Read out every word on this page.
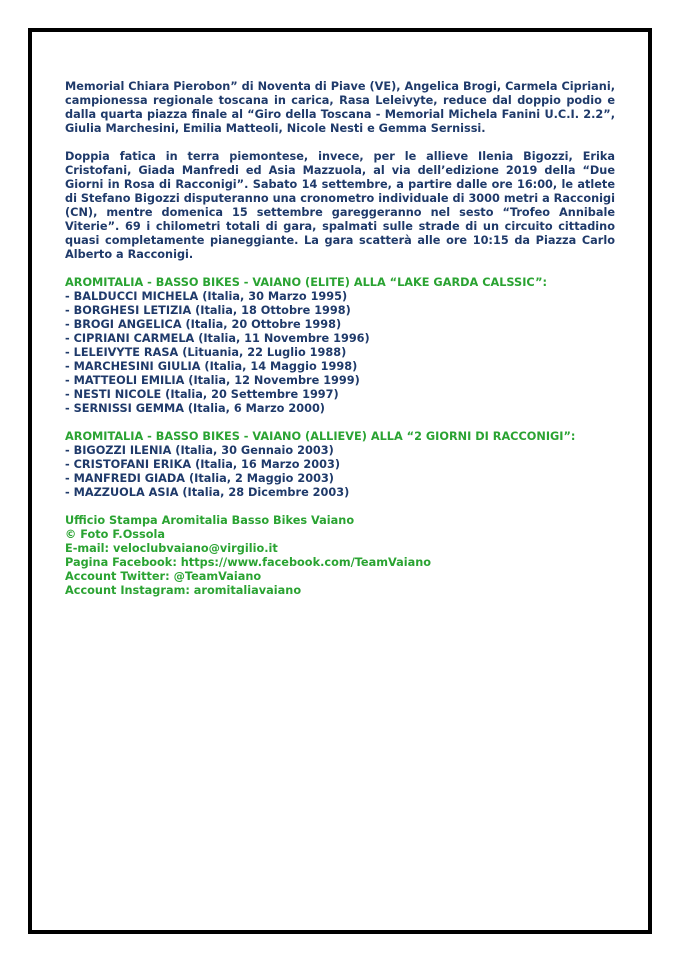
Memorial Chiara Pierobon” di Noventa di Piave (VE), Angelica Brogi, Carmela Cipriani, campionessa regionale toscana in carica, Rasa Leleivyte, reduce dal doppio podio e dalla quarta piazza finale al “Giro della Toscana - Memorial Michela Fanini U.C.I. 2.2”, Giulia Marchesini, Emilia Matteoli, Nicole Nesti e Gemma Sernissi.

Doppia fatica in terra piemontese, invece, per le allieve Ilenia Bigozzi, Erika Cristofani, Giada Manfredi ed Asia Mazzuola, al via dell’edizione 2019 della “Due Giorni in Rosa di Racconigi”. Sabato 14 settembre, a partire dalle ore 16:00, le atlete di Stefano Bigozzi disputeranno una cronometro individuale di 3000 metri a Racconigi (CN), mentre domenica 15 settembre gareggeranno nel sesto “Trofeo Annibale Viterie”. 69 i chilometri totali di gara, spalmati sulle strade di un circuito cittadino quasi completamente pianeggiante. La gara scatterà alle ore 10:15 da Piazza Carlo Alberto a Racconigi.

AROMITALIA - BASSO BIKES - VAIANO (ELITE) ALLA “LAKE GARDA CALSSIC”:

- BALDUCCI MICHELA (Italia, 30 Marzo 1995)

- BORGHESI LETIZIA (Italia, 18 Ottobre 1998)

- BROGI ANGELICA (Italia, 20 Ottobre 1998)

- CIPRIANI CARMELA (Italia, 11 Novembre 1996)

- LELEIVYTE RASA (Lituania, 22 Luglio 1988)

- MARCHESINI GIULIA (Italia, 14 Maggio 1998)

- MATTEOLI EMILIA (Italia, 12 Novembre 1999)

- NESTI NICOLE (Italia, 20 Settembre 1997)

- SERNISSI GEMMA (Italia, 6 Marzo 2000)

AROMITALIA - BASSO BIKES - VAIANO (ALLIEVE) ALLA “2 GIORNI DI RACCONIGI”:

- BIGOZZI ILENIA (Italia, 30 Gennaio 2003)

- CRISTOFANI ERIKA (Italia, 16 Marzo 2003)

- MANFREDI GIADA (Italia, 2 Maggio 2003)

- MAZZUOLA ASIA (Italia, 28 Dicembre 2003)

Ufficio Stampa Aromitalia Basso Bikes Vaiano

© Foto F.Ossola

E-mail: veloclubvaiano@virgilio.it

Pagina Facebook: https://www.facebook.com/TeamVaiano

Account Twitter: @TeamVaiano

Account Instagram: aromitaliavaiano
